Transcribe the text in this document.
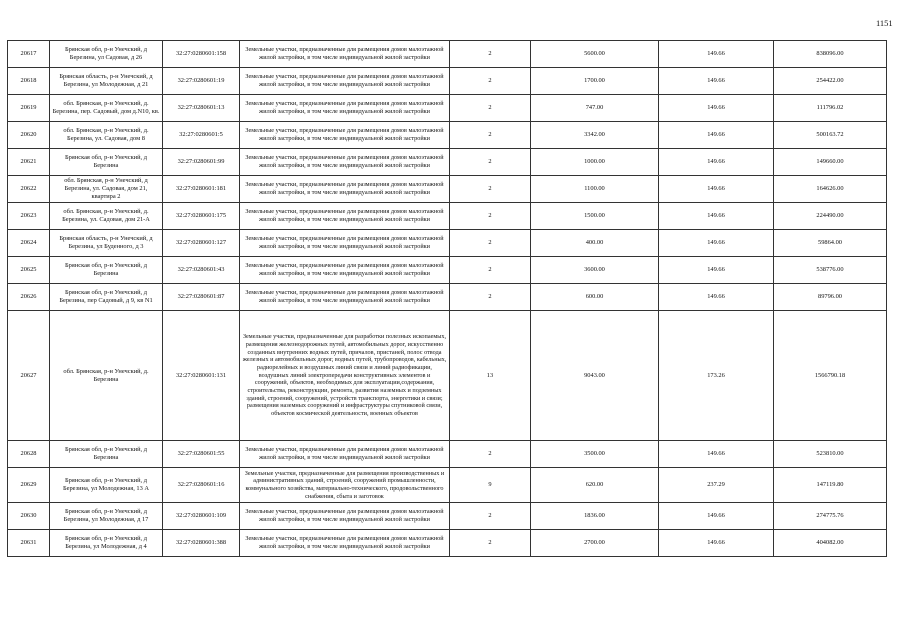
1151
20617	Брянская обл, р-н Унечский, д Березина, ул Садовая, д 26	32:27:0280601:158	Земельные участки, предназначенные для размещения домов малоэтажной жилой застройки, в том числе индивидуальной жилой застройки	2	5600.00	149.66	838096.00
20618	Брянская область, р-н Унечский, д Березина, ул Молодежная, д 21	32:27:0280601:19	Земельные участки, предназначенные для размещения домов малоэтажной жилой застройки, в том числе индивидуальной жилой застройки	2	1700.00	149.66	254422.00
20619	обл. Брянская, р-н Унечский, д. Березина, пер. Садовый, дом д.N10, кв.	32:27:0280601:13	Земельные участки, предназначенные для размещения домов малоэтажной жилой застройки, в том числе индивидуальной жилой застройки	2	747.00	149.66	111796.02
20620	обл. Брянская, р-н Унечский, д. Березина, ул. Садовая, дом 8	32:27:0280601:5	Земельные участки, предназначенные для размещения домов малоэтажной жилой застройки, в том числе индивидуальной жилой застройки	2	3342.00	149.66	500163.72
20621	Брянская обл, р-н Унечский, д Березина	32:27:0280601:99	Земельные участки, предназначенные для размещения домов малоэтажной жилой застройки, в том числе индивидуальной жилой застройки	2	1000.00	149.66	149660.00
20622	обл. Брянская, р-н Унечский, д Березина, ул. Садовая, дом 21, квартира 2	32:27:0280601:181	Земельные участки, предназначенные для размещения домов малоэтажной жилой застройки, в том числе индивидуальной жилой застройки	2	1100.00	149.66	164626.00
20623	обл. Брянская, р-н Унечский, д. Березина, ул. Садовая, дом 21-А	32:27:0280601:175	Земельные участки, предназначенные для размещения домов малоэтажной жилой застройки, в том числе индивидуальной жилой застройки	2	1500.00	149.66	224490.00
20624	Брянская область, р-н Унечский, д Березина, ул Буденного, д 3	32:27:0280601:127	Земельные участки, предназначенные для размещения домов малоэтажной жилой застройки, в том числе индивидуальной жилой застройки	2	400.00	149.66	59864.00
20625	Брянская обл, р-н Унечский, д Березина	32:27:0280601:43	Земельные участки, предназначенные для размещения домов малоэтажной жилой застройки, в том числе индивидуальной жилой застройки	2	3600.00	149.66	538776.00
20626	Брянская обл, р-н Унечский, д Березина, пер Садовый, д 9, кв N1	32:27:0280601:87	Земельные участки, предназначенные для размещения домов малоэтажной жилой застройки, в том числе индивидуальной жилой застройки	2	600.00	149.66	89796.00
20627	обл. Брянская, р-н Унечский, д. Березина	32:27:0280601:131	Земельные участки, предназначенные для разработки полезных ископаемых, размещения железнодорожных путей, автомобильных дорог, искусственно созданных внутренних водных путей, причалов, пристаней, полос отвода железных и автомобильных дорог, водных путей, трубопроводов, кабельных, радиорелейных и воздушных линий связи и линий радиофикации, воздушных линий электропередачи конструктивных элементов и сооружений, объектов, необходимых для эксплуатации,содержания, строительства, реконструкции, ремонта, развития наземных и подземных зданий, строений, сооружений, устройств транспорта, энергетики и связи; размещения наземных сооружений и инфраструктуры спутниковой связи, объектов космической деятельности, военных объектов	13	9043.00	173.26	1566790.18
20628	Брянская обл, р-н Унечский, д Березина	32:27:0280601:55	Земельные участки, предназначенные для размещения домов малоэтажной жилой застройки, в том числе индивидуальной жилой застройки	2	3500.00	149.66	523810.00
20629	Брянская обл, р-н Унечский, д Березина, ул Молодежная, 13 А	32:27:0280601:16	Земельные участки, предназначенные для размещения производственных и административных зданий, строений, сооружений промышленности, коммунального хозяйства, материально-технического, продовольственного снабжения, сбыта и заготовок	9	620.00	237.29	147119.80
20630	Брянская обл, р-н Унечский, д Березина, ул Молодежная, д 17	32:27:0280601:109	Земельные участки, предназначенные для размещения домов малоэтажной жилой застройки, в том числе индивидуальной жилой застройки	2	1836.00	149.66	274775.76
20631	Брянская обл, р-н Унечский, д Березина, ул Молодежная, д 4	32:27:0280601:388	Земельные участки, предназначенные для размещения домов малоэтажной жилой застройки, в том числе индивидуальной жилой застройки	2	2700.00	149.66	404082.00
